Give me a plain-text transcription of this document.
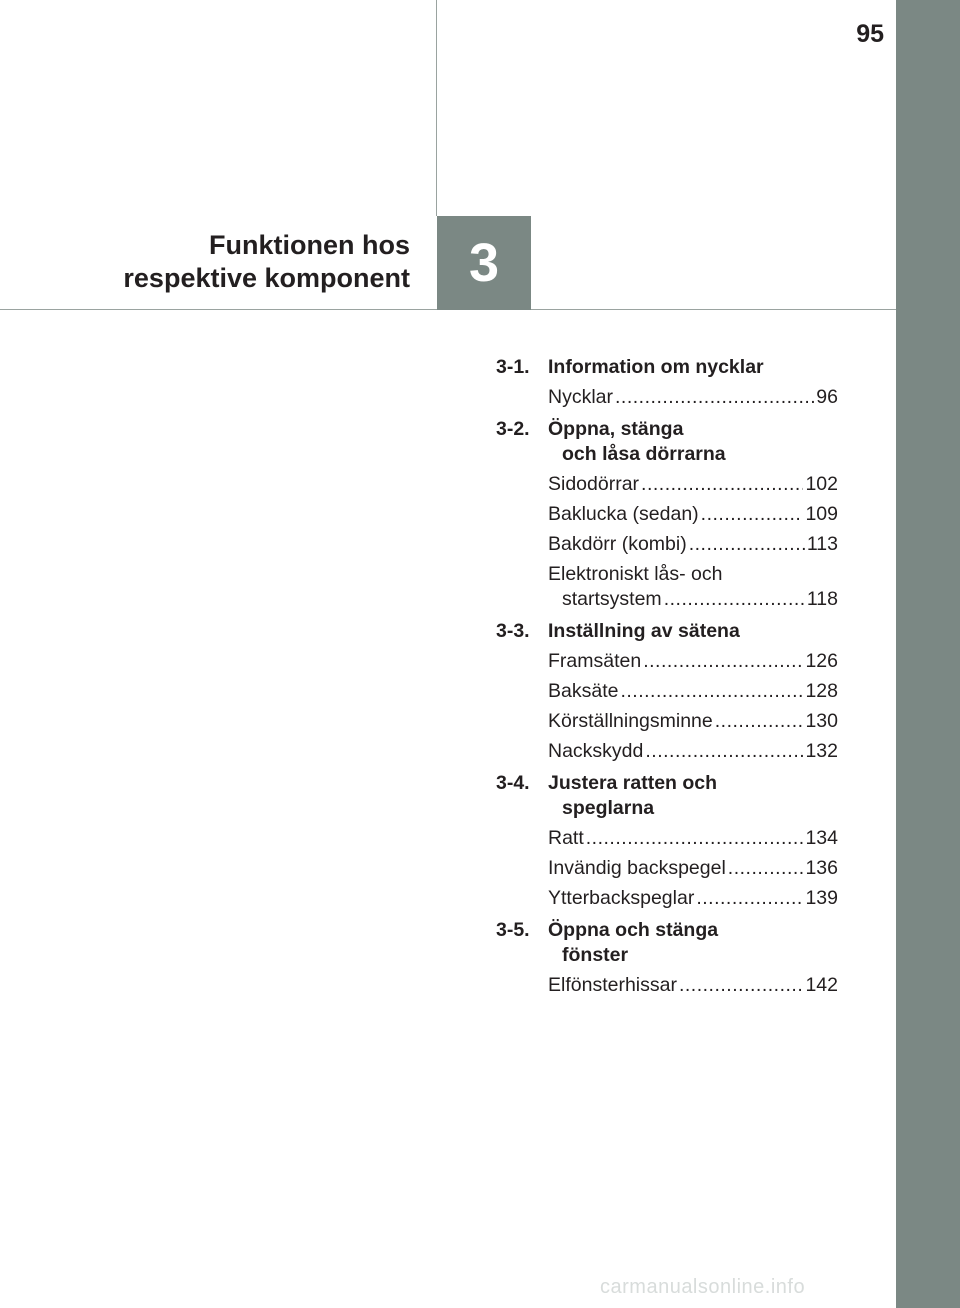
95
Funktionen hos
respektive komponent 3
3-1. Information om nycklar
Nycklar .....	96
3-2. Öppna, stänga
och låsa dörrarna
Sidodörrar .....	102
Baklucka (sedan) .....	109
Bakdörr (kombi) .....	113
Elektroniskt lås- och
startsystem .....	118
3-3. Inställning av sätena
Framsäten .....	126
Baksäte .....	128
Körställningsminne .....	130
Nackskydd .....	132
3-4. Justera ratten och
speglarna
Ratt .....	134
Invändig backspegel .....	136
Ytterbackspeglar .....	139
3-5. Öppna och stänga
fönster
Elfönsterhissar .....	142
carmanualsonline.info
